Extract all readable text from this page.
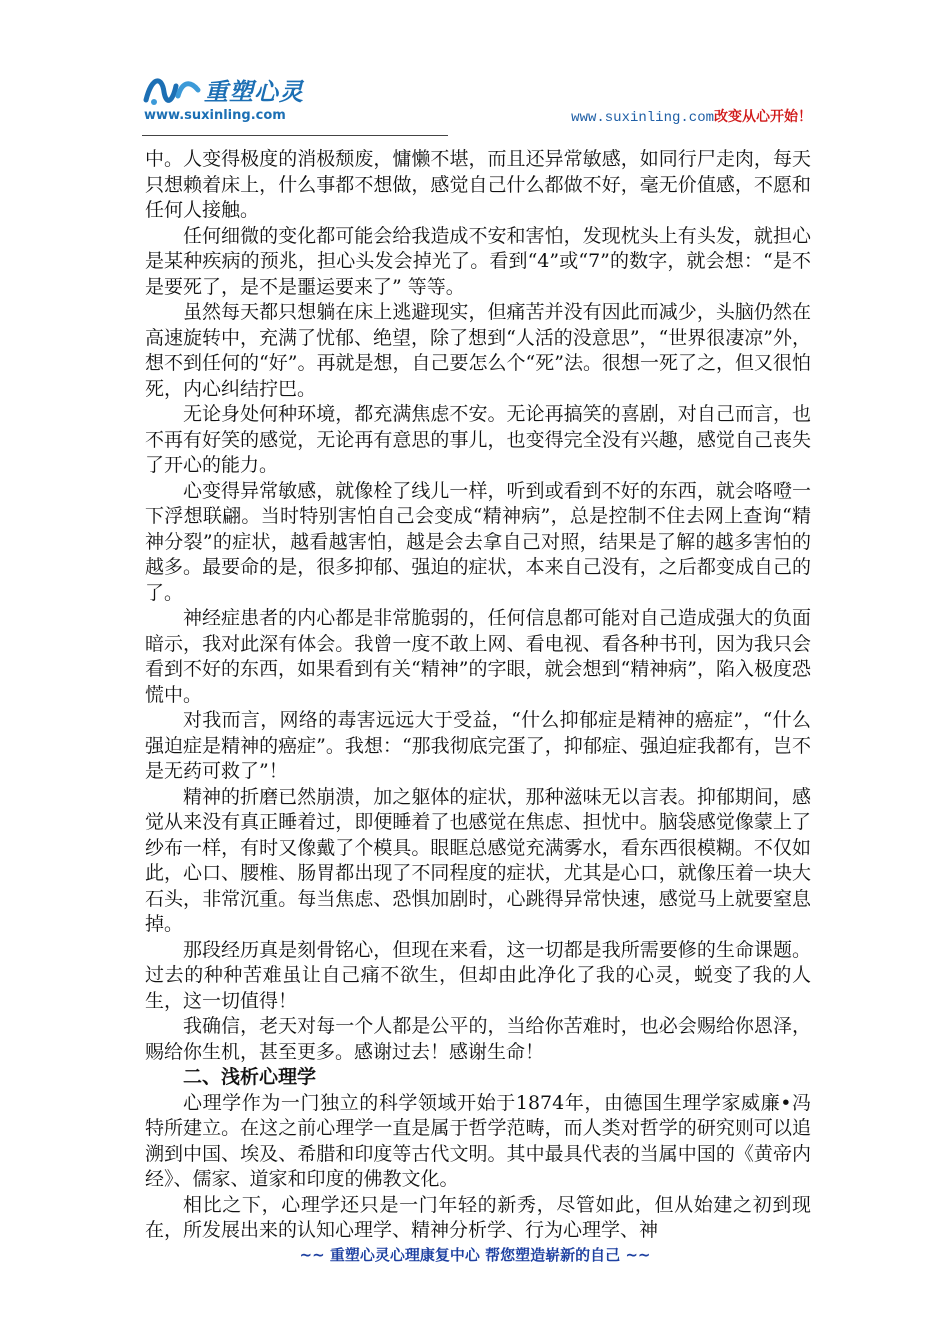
重塑心灵
www.suxinling.com	www.suxinling.com改变从心开始！

中。人变得极度的消极颓废，慵懒不堪，而且还异常敏感，如同行尸走肉，每天只想赖着床上，什么事都不想做，感觉自己什么都做不好，毫无价值感，不愿和任何人接触。

任何细微的变化都可能会给我造成不安和害怕，发现枕头上有头发，就担心是某种疾病的预兆，担心头发会掉光了。看到“4”或“7”的数字，就会想：“是不是要死了，是不是噩运要来了” 等等。

虽然每天都只想躺在床上逃避现实，但痛苦并没有因此而减少，头脑仍然在高速旋转中，充满了忧郁、绝望，除了想到“人活的没意思”，“世界很凄凉”外，想不到任何的“好”。再就是想，自己要怎么个“死”法。很想一死了之，但又很怕死，内心纠结拧巴。

无论身处何种环境，都充满焦虑不安。无论再搞笑的喜剧，对自己而言，也不再有好笑的感觉，无论再有意思的事儿，也变得完全没有兴趣，感觉自己丧失了开心的能力。

心变得异常敏感，就像栓了线儿一样，听到或看到不好的东西，就会咯噔一下浮想联翩。当时特别害怕自己会变成“精神病”，总是控制不住去网上查询“精神分裂”的症状，越看越害怕，越是会去拿自己对照，结果是了解的越多害怕的越多。最要命的是，很多抑郁、强迫的症状，本来自己没有，之后都变成自己的了。

神经症患者的内心都是非常脆弱的，任何信息都可能对自己造成强大的负面暗示，我对此深有体会。我曾一度不敢上网、看电视、看各种书刊，因为我只会看到不好的东西，如果看到有关“精神”的字眼，就会想到“精神病”，陷入极度恐慌中。

对我而言，网络的毒害远远大于受益，“什么抑郁症是精神的癌症”，“什么强迫症是精神的癌症”。我想：“那我彻底完蛋了，抑郁症、强迫症我都有，岂不是无药可救了”！

精神的折磨已然崩溃，加之躯体的症状，那种滋味无以言表。抑郁期间，感觉从来没有真正睡着过，即便睡着了也感觉在焦虑、担忧中。脑袋感觉像蒙上了纱布一样，有时又像戴了个模具。眼眶总感觉充满雾水，看东西很模糊。不仅如此，心口、腰椎、肠胃都出现了不同程度的症状，尤其是心口，就像压着一块大石头，非常沉重。每当焦虑、恐惧加剧时，心跳得异常快速，感觉马上就要窒息掉。

那段经历真是刻骨铭心，但现在来看，这一切都是我所需要修的生命课题。过去的种种苦难虽让自己痛不欲生，但却由此净化了我的心灵，蜕变了我的人生，这一切值得！

我确信，老天对每一个人都是公平的，当给你苦难时，也必会赐给你恩泽，赐给你生机，甚至更多。感谢过去！感谢生命！

二、浅析心理学

心理学作为一门独立的科学领域开始于1874年，由德国生理学家威廉•冯特所建立。在这之前心理学一直是属于哲学范畴，而人类对哲学的研究则可以追溯到中国、埃及、希腊和印度等古代文明。其中最具代表的当属中国的《黄帝内经》、儒家、道家和印度的佛教文化。

相比之下，心理学还只是一门年轻的新秀，尽管如此，但从始建之初到现在，所发展出来的认知心理学、精神分析学、行为心理学、神

~~ 重塑心灵心理康复中心 帮您塑造崭新的自己 ~~
